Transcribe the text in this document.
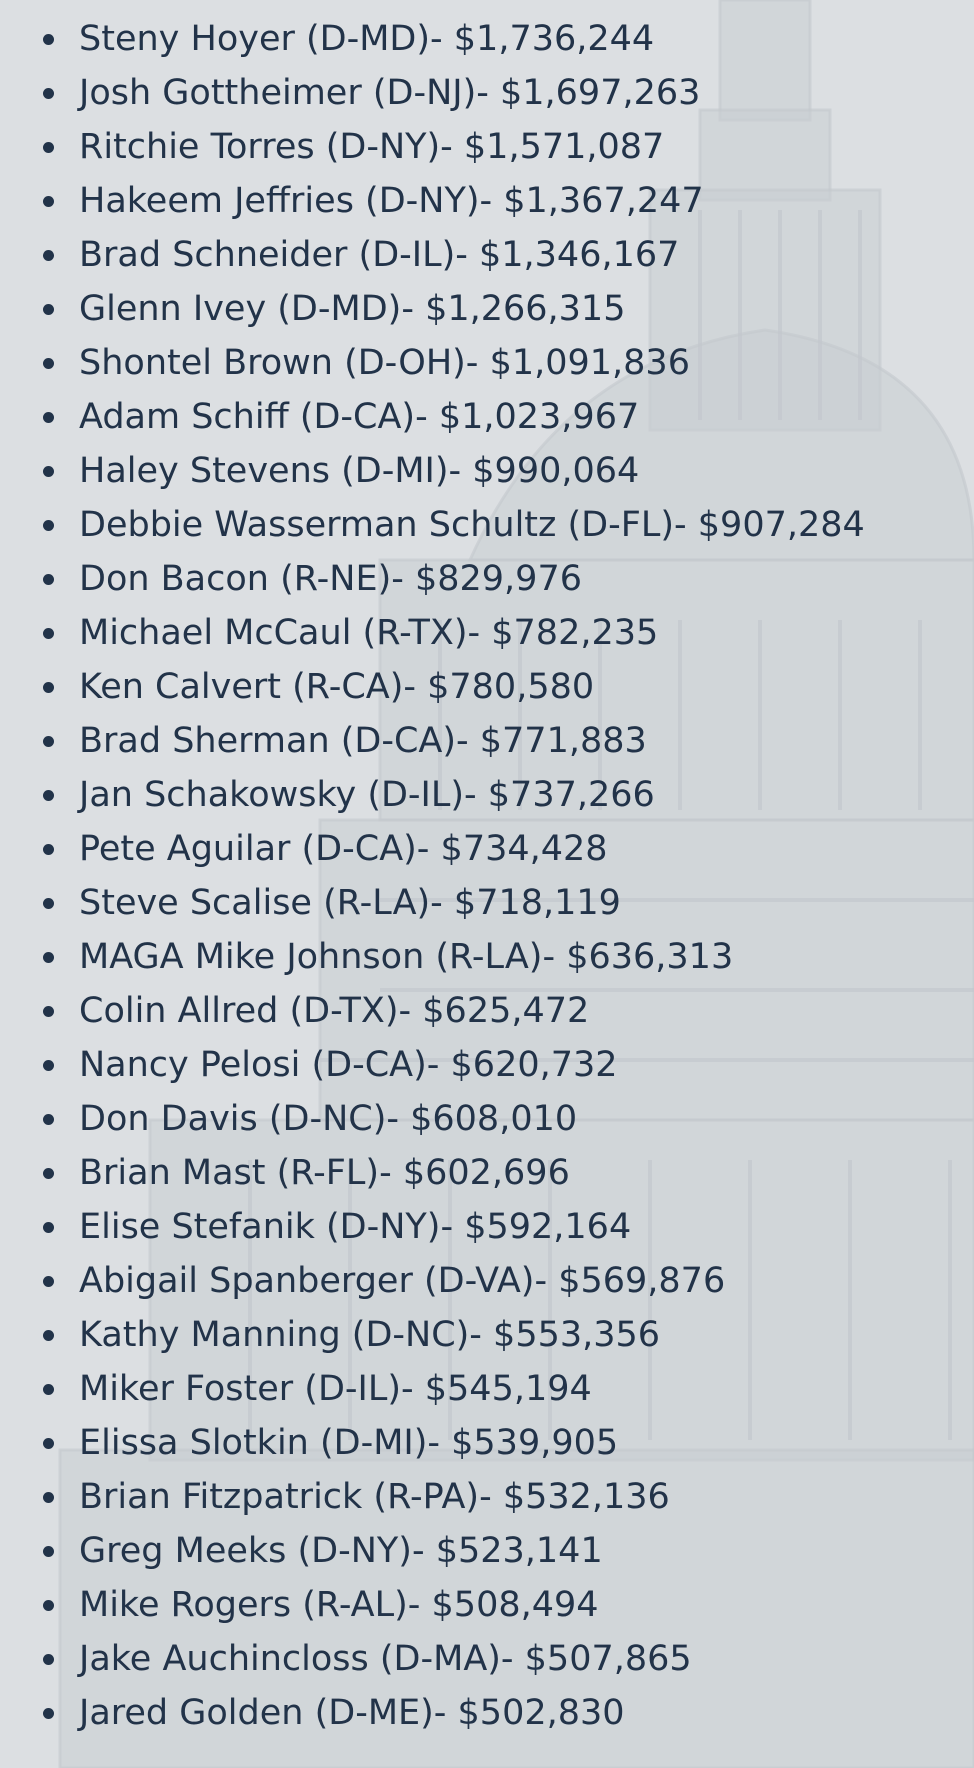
Steny Hoyer (D-MD)- $1,736,244
Josh Gottheimer (D-NJ)- $1,697,263
Ritchie Torres (D-NY)- $1,571,087
Hakeem Jeffries (D-NY)- $1,367,247
Brad Schneider (D-IL)- $1,346,167
Glenn Ivey (D-MD)- $1,266,315
Shontel Brown (D-OH)- $1,091,836
Adam Schiff (D-CA)- $1,023,967
Haley Stevens (D-MI)- $990,064
Debbie Wasserman Schultz (D-FL)- $907,284
Don Bacon (R-NE)- $829,976
Michael McCaul (R-TX)- $782,235
Ken Calvert (R-CA)- $780,580
Brad Sherman (D-CA)- $771,883
Jan Schakowsky (D-IL)- $737,266
Pete Aguilar (D-CA)- $734,428
Steve Scalise (R-LA)- $718,119
MAGA Mike Johnson (R-LA)- $636,313
Colin Allred (D-TX)- $625,472
Nancy Pelosi (D-CA)- $620,732
Don Davis (D-NC)- $608,010
Brian Mast (R-FL)- $602,696
Elise Stefanik (D-NY)- $592,164
Abigail Spanberger (D-VA)- $569,876
Kathy Manning (D-NC)- $553,356
Miker Foster (D-IL)- $545,194
Elissa Slotkin (D-MI)- $539,905
Brian Fitzpatrick (R-PA)- $532,136
Greg Meeks (D-NY)- $523,141
Mike Rogers (R-AL)- $508,494
Jake Auchincloss (D-MA)- $507,865
Jared Golden (D-ME)- $502,830
